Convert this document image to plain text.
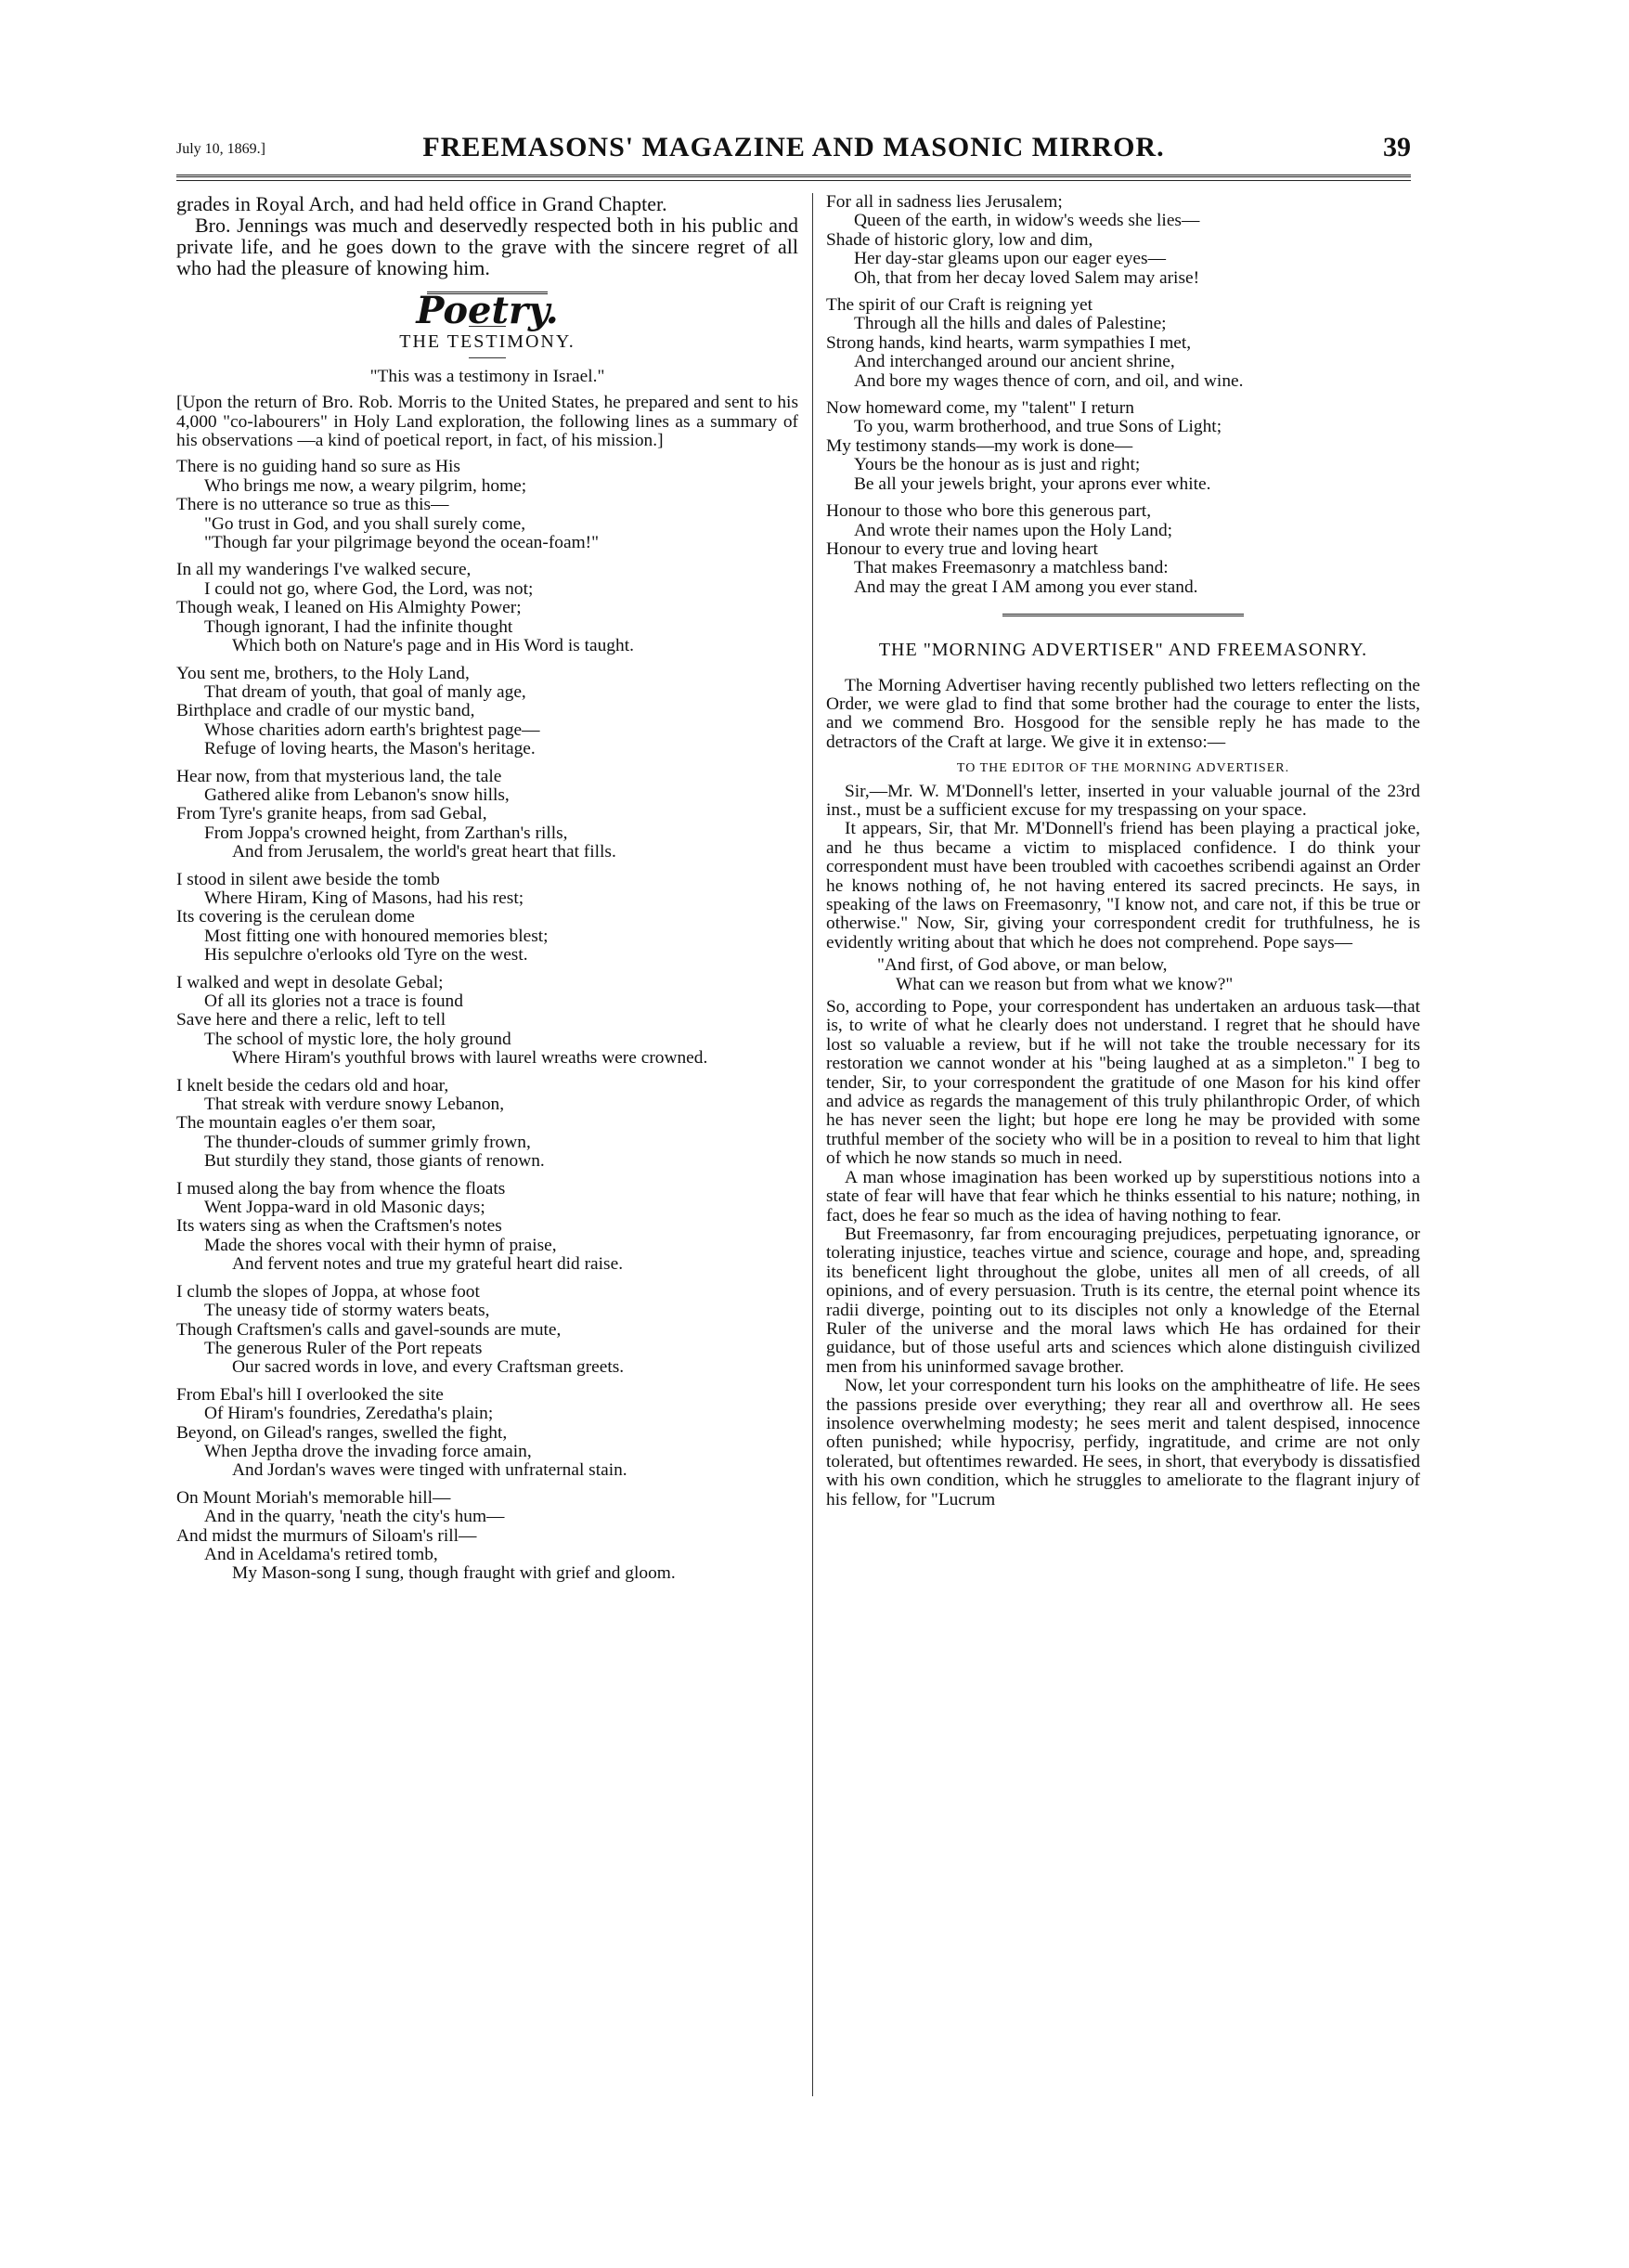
July 10, 1869.]	FREEMASONS' MAGAZINE AND MASONIC MIRROR.	39

grades in Royal Arch, and had held office in Grand Chapter.

Bro. Jennings was much and deservedly respected both in his public and private life, and he goes down to the grave with the sincere regret of all who had the pleasure of knowing him.

Poetry.
THE TESTIMONY.
"This was a testimony in Israel."

[Upon the return of Bro. Rob. Morris to the United States, he prepared and sent to his 4,000 "co-labourers" in Holy Land exploration, the following lines as a summary of his observations —a kind of poetical report, in fact, of his mission.]

There is no guiding hand so sure as His
Who brings me now, a weary pilgrim, home;
There is no utterance so true as this—
"Go trust in God, and you shall surely come,
"Though far your pilgrimage beyond the ocean-foam!"
In all my wanderings I've walked secure,
I could not go, where God, the Lord, was not;
Though weak, I leaned on His Almighty Power;
Though ignorant, I had the infinite thought
Which both on Nature's page and in His Word is taught.
You sent me, brothers, to the Holy Land,
That dream of youth, that goal of manly age,
Birthplace and cradle of our mystic band,
Whose charities adorn earth's brightest page—
Refuge of loving hearts, the Mason's heritage.
Hear now, from that mysterious land, the tale
Gathered alike from Lebanon's snow hills,
From Tyre's granite heaps, from sad Gebal,
From Joppa's crowned height, from Zarthan's rills,
And from Jerusalem, the world's great heart that fills.
I stood in silent awe beside the tomb
Where Hiram, King of Masons, had his rest;
Its covering is the cerulean dome
Most fitting one with honoured memories blest;
His sepulchre o'erlooks old Tyre on the west.
I walked and wept in desolate Gebal;
Of all its glories not a trace is found
Save here and there a relic, left to tell
The school of mystic lore, the holy ground
Where Hiram's youthful brows with laurel wreaths were crowned.
I knelt beside the cedars old and hoar,
That streak with verdure snowy Lebanon,
The mountain eagles o'er them soar,
The thunder-clouds of summer grimly frown,
But sturdily they stand, those giants of renown.
I mused along the bay from whence the floats
Went Joppa-ward in old Masonic days;
Its waters sing as when the Craftsmen's notes
Made the shores vocal with their hymn of praise,
And fervent notes and true my grateful heart did raise.
I clumb the slopes of Joppa, at whose foot
The uneasy tide of stormy waters beats,
Though Craftsmen's calls and gavel-sounds are mute,
The generous Ruler of the Port repeats
Our sacred words in love, and every Craftsman greets.
From Ebal's hill I overlooked the site
Of Hiram's foundries, Zeredatha's plain;
Beyond, on Gilead's ranges, swelled the fight,
When Jeptha drove the invading force amain,
And Jordan's waves were tinged with unfraternal stain.
On Mount Moriah's memorable hill—
And in the quarry, 'neath the city's hum—
And midst the murmurs of Siloam's rill—
And in Aceldama's retired tomb,
My Mason-song I sung, though fraught with grief and gloom.
For all in sadness lies Jerusalem;
Queen of the earth, in widow's weeds she lies—
Shade of historic glory, low and dim,
Her day-star gleams upon our eager eyes—
Oh, that from her decay loved Salem may arise!
The spirit of our Craft is reigning yet
Through all the hills and dales of Palestine;
Strong hands, kind hearts, warm sympathies I met,
And interchanged around our ancient shrine,
And bore my wages thence of corn, and oil, and wine.
Now homeward come, my "talent" I return
To you, warm brotherhood, and true Sons of Light;
My testimony stands—my work is done—
Yours be the honour as is just and right;
Be all your jewels bright, your aprons ever white.
Honour to those who bore this generous part,
And wrote their names upon the Holy Land;
Honour to every true and loving heart
That makes Freemasonry a matchless band:
And may the great I AM among you ever stand.
THE "MORNING ADVERTISER" AND FREEMASONRY.

The Morning Advertiser having recently published two letters reflecting on the Order, we were glad to find that some brother had the courage to enter the lists, and we commend Bro. Hosgood for the sensible reply he has made to the detractors of the Craft at large. We give it in extenso:—

TO THE EDITOR OF THE MORNING ADVERTISER.

Sir,—Mr. W. M'Donnell's letter, inserted in your valuable journal of the 23rd inst., must be a sufficient excuse for my trespassing on your space.

It appears, Sir, that Mr. M'Donnell's friend has been playing a practical joke, and he thus became a victim to misplaced confidence. I do think your correspondent must have been troubled with cacoethes scribendi against an Order he knows nothing of, he not having entered its sacred precincts. He says, in speaking of the laws on Freemasonry, "I know not, and care not, if this be true or otherwise." Now, Sir, giving your correspondent credit for truthfulness, he is evidently writing about that which he does not comprehend. Pope says—

"And first, of God above, or man below,
What can we reason but from what we know?"

So, according to Pope, your correspondent has undertaken an arduous task—that is, to write of what he clearly does not understand. I regret that he should have lost so valuable a review, but if he will not take the trouble necessary for its restoration we cannot wonder at his "being laughed at as a simpleton." I beg to tender, Sir, to your correspondent the gratitude of one Mason for his kind offer and advice as regards the management of this truly philanthropic Order, of which he has never seen the light; but hope ere long he may be provided with some truthful member of the society who will be in a position to reveal to him that light of which he now stands so much in need.

A man whose imagination has been worked up by superstitious notions into a state of fear will have that fear which he thinks essential to his nature; nothing, in fact, does he fear so much as the idea of having nothing to fear.

But Freemasonry, far from encouraging prejudices, perpetuating ignorance, or tolerating injustice, teaches virtue and science, courage and hope, and, spreading its beneficent light throughout the globe, unites all men of all creeds, of all opinions, and of every persuasion. Truth is its centre, the eternal point whence its radii diverge, pointing out to its disciples not only a knowledge of the Eternal Ruler of the universe and the moral laws which He has ordained for their guidance, but of those useful arts and sciences which alone distinguish civilized men from his uninformed savage brother.

Now, let your correspondent turn his looks on the amphitheatre of life. He sees the passions preside over everything; they rear all and overthrow all. He sees insolence overwhelming modesty; he sees merit and talent despised, innocence often punished; while hypocrisy, perfidy, ingratitude, and crime are not only tolerated, but oftentimes rewarded. He sees, in short, that everybody is dissatisfied with his own condition, which he struggles to ameliorate to the flagrant injury of his fellow, for "Lucrum
